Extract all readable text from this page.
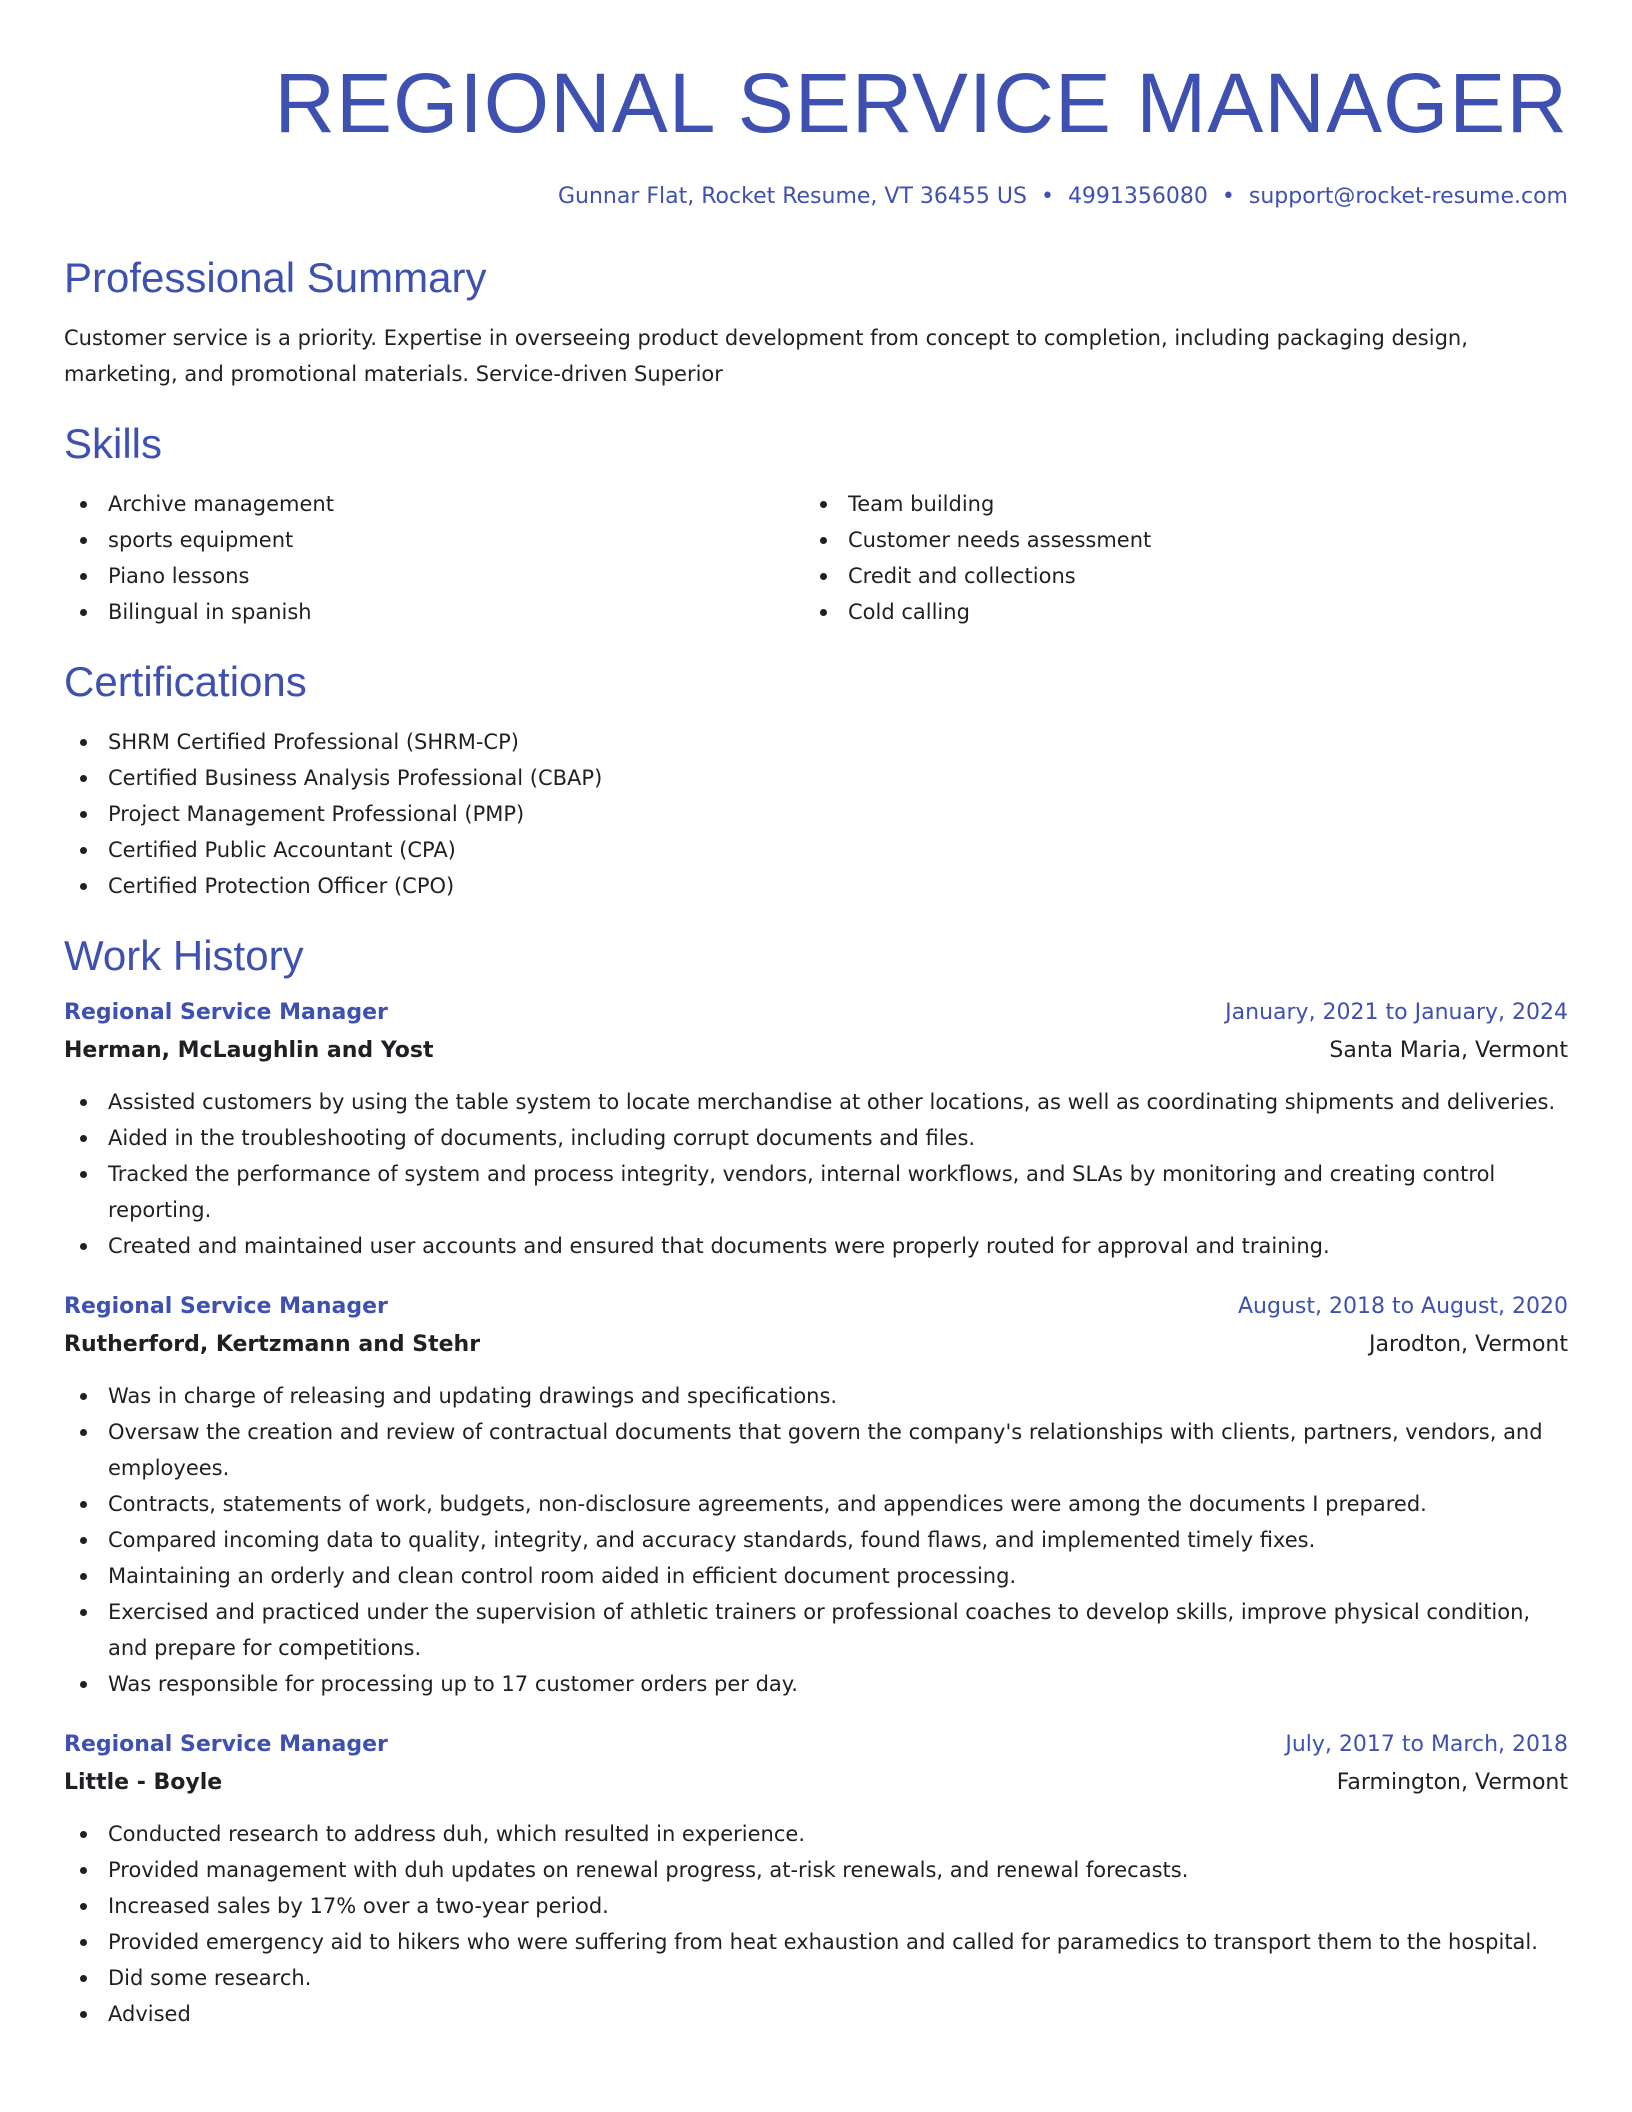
REGIONAL SERVICE MANAGER
Gunnar Flat, Rocket Resume, VT 36455 US • 4991356080 • support@rocket-resume.com
Professional Summary

Customer service is a priority. Expertise in overseeing product development from concept to completion, including packaging design, marketing, and promotional materials. Service-driven Superior

Skills
Archive management
sports equipment
Piano lessons
Bilingual in spanish
Team building
Customer needs assessment
Credit and collections
Cold calling
Certifications
SHRM Certified Professional (SHRM-CP)
Certified Business Analysis Professional (CBAP)
Project Management Professional (PMP)
Certified Public Accountant (CPA)
Certified Protection Officer (CPO)
Work History
Regional Service Manager	January, 2021 to January, 2024
Herman, McLaughlin and Yost	Santa Maria, Vermont
Assisted customers by using the table system to locate merchandise at other locations, as well as coordinating shipments and deliveries.
Aided in the troubleshooting of documents, including corrupt documents and files.
Tracked the performance of system and process integrity, vendors, internal workflows, and SLAs by monitoring and creating control reporting.
Created and maintained user accounts and ensured that documents were properly routed for approval and training.
Regional Service Manager	August, 2018 to August, 2020
Rutherford, Kertzmann and Stehr	Jarodton, Vermont
Was in charge of releasing and updating drawings and specifications.
Oversaw the creation and review of contractual documents that govern the company's relationships with clients, partners, vendors, and employees.
Contracts, statements of work, budgets, non-disclosure agreements, and appendices were among the documents I prepared.
Compared incoming data to quality, integrity, and accuracy standards, found flaws, and implemented timely fixes.
Maintaining an orderly and clean control room aided in efficient document processing.
Exercised and practiced under the supervision of athletic trainers or professional coaches to develop skills, improve physical condition, and prepare for competitions.
Was responsible for processing up to 17 customer orders per day.
Regional Service Manager	July, 2017 to March, 2018
Little - Boyle	Farmington, Vermont
Conducted research to address duh, which resulted in experience.
Provided management with duh updates on renewal progress, at-risk renewals, and renewal forecasts.
Increased sales by 17% over a two-year period.
Provided emergency aid to hikers who were suffering from heat exhaustion and called for paramedics to transport them to the hospital.
Did some research.
Advised
